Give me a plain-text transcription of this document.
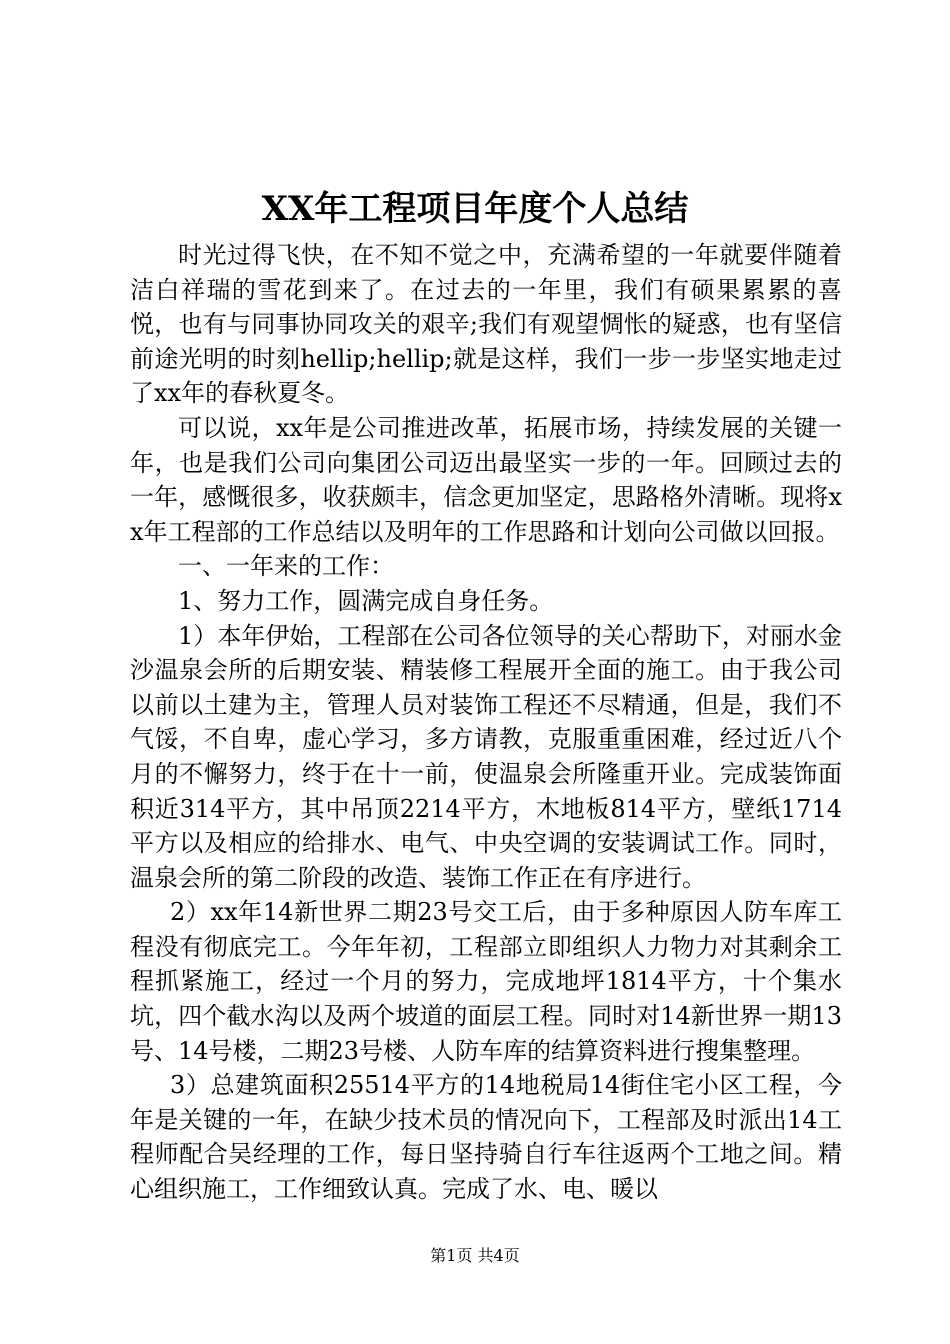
XX年工程项目年度个人总结

时光过得飞快，在不知不觉之中，充满希望的一年就要伴随着洁白祥瑞的雪花到来了。在过去的一年里，我们有硕果累累的喜悦，也有与同事协同攻关的艰辛;我们有观望惆怅的疑惑，也有坚信前途光明的时刻hellip;hellip;就是这样，我们一步一步坚实地走过了xx年的春秋夏冬。

可以说，xx年是公司推进改革，拓展市场，持续发展的关键一年，也是我们公司向集团公司迈出最坚实一步的一年。回顾过去的一年，感慨很多，收获颇丰，信念更加坚定，思路格外清晰。现将xx年工程部的工作总结以及明年的工作思路和计划向公司做以回报。

一、一年来的工作：

1、努力工作，圆满完成自身任务。

1）本年伊始，工程部在公司各位领导的关心帮助下，对丽水金沙温泉会所的后期安装、精装修工程展开全面的施工。由于我公司以前以土建为主，管理人员对装饰工程还不尽精通，但是，我们不气馁，不自卑，虚心学习，多方请教，克服重重困难，经过近八个月的不懈努力，终于在十一前，使温泉会所隆重开业。完成装饰面积近314平方，其中吊顶2214平方，木地板814平方，壁纸1714平方以及相应的给排水、电气、中央空调的安装调试工作。同时，温泉会所的第二阶段的改造、装饰工作正在有序进行。

2）xx年14新世界二期23号交工后，由于多种原因人防车库工程没有彻底完工。今年年初，工程部立即组织人力物力对其剩余工程抓紧施工，经过一个月的努力，完成地坪1814平方，十个集水坑，四个截水沟以及两个坡道的面层工程。同时对14新世界一期13号、14号楼，二期23号楼、人防车库的结算资料进行搜集整理。

3）总建筑面积25514平方的14地税局14街住宅小区工程，今年是关键的一年，在缺少技术员的情况向下，工程部及时派出14工程师配合吴经理的工作，每日坚持骑自行车往返两个工地之间。精心组织施工，工作细致认真。完成了水、电、暖以

第1页 共4页
